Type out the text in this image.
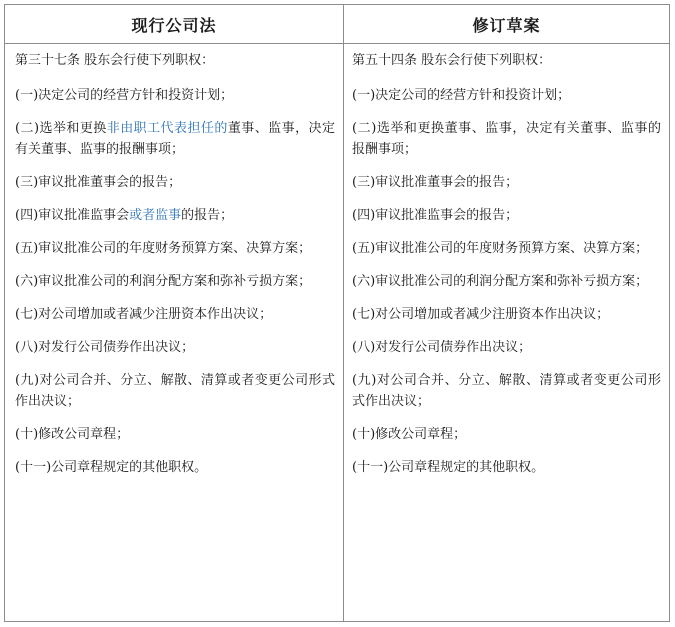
现行公司法	修订草案

第三十七条 股东会行使下列职权：

(一)决定公司的经营方针和投资计划；

(二)选举和更换非由职工代表担任的董事、监事，决定有关董事、监事的报酬事项；

(三)审议批准董事会的报告；

(四)审议批准监事会或者监事的报告；

(五)审议批准公司的年度财务预算方案、决算方案；

(六)审议批准公司的利润分配方案和弥补亏损方案；

(七)对公司增加或者减少注册资本作出决议；

(八)对发行公司债券作出决议；

(九)对公司合并、分立、解散、清算或者变更公司形式作出决议；

(十)修改公司章程；

(十一)公司章程规定的其他职权。

第五十四条 股东会行使下列职权：

(一)决定公司的经营方针和投资计划；

(二)选举和更换董事、监事，决定有关董事、监事的报酬事项；

(三)审议批准董事会的报告；

(四)审议批准监事会的报告；

(五)审议批准公司的年度财务预算方案、决算方案；

(六)审议批准公司的利润分配方案和弥补亏损方案；

(七)对公司增加或者减少注册资本作出决议；

(八)对发行公司债券作出决议；

(九)对公司合并、分立、解散、清算或者变更公司形式作出决议；

(十)修改公司章程；

(十一)公司章程规定的其他职权。
